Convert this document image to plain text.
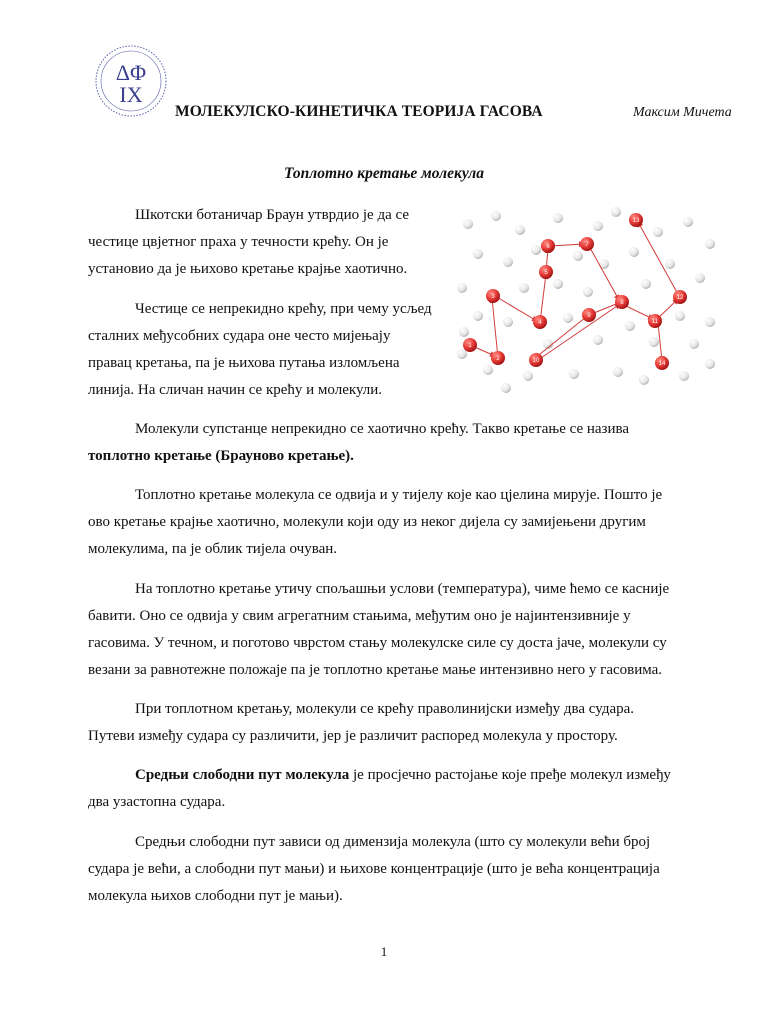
ΔΦ
IX
МОЛЕКУЛСКО-КИНЕТИЧКА ТЕОРИЈА ГАСОВА	Максим Мичета
Топлотно кретање молекула
Шкотски ботаничар Браун утврдио је да се
честице цвјетног праха у течности крећу. Он је
установио да је њихово кретање крајње хаотично.
Честице се непрекидно крећу, при чему усљед
сталних међусобних судара оне често мијењају
правац кретања, па је њихова путања изломљена
линија. На сличан начин се крећу и молекули.
1
2
3
4
5
6	7
8
9
10
11
12
13
14
Молекули супстанце непрекидно се хаотично крећу. Такво кретање се назива
топлотно кретање (Брауново кретање).
Топлотно кретање молекула се одвија и у тијелу које као цјелина мирује. Пошто је
ово кретање крајње хаотично, молекули који оду из неког дијела су замијењени другим
молекулима, па је облик тијела очуван.
На топлотно кретање утичу спољашњи услови (температура), чиме ћемо се касније
бавити. Оно се одвија у свим агрегатним стањима, међутим оно је најинтензивније у
гасовима. У течном, и поготово чврстом стању молекулске силе су доста јаче, молекули су
везани за равнотежне положаје па је топлотно кретање мање интензивно него у гасовима.
При топлотном кретању, молекули се крећу праволинијски између два судара.
Путеви између судара су различити, јер је различит распоред молекула у простору.
Средњи слободни пут молекула је просјечно растојање које пређе молекул између
два узастопна судара.
Средњи слободни пут зависи од димензија молекула (што су молекули већи број
судара је већи, а слободни пут мањи) и њихове концентрације (што је већа концентрација
молекула њихов слободни пут је мањи).
1
